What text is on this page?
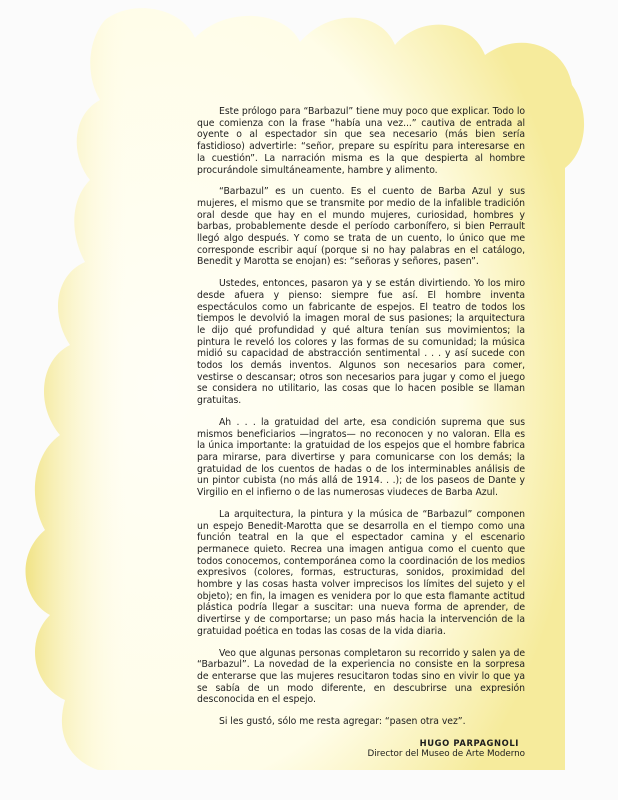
Este prólogo para “Barbazul” tiene muy poco que explicar. Todo lo que comienza con la frase “había una vez...” cautiva de entrada al oyente o al espectador sin que sea necesario (más bien sería fastidioso) advertirle: “señor, prepare su espíritu para interesarse en la cuestión”. La narración misma es la que despierta al hombre procurándole simultáneamente, hambre y alimento.

“Barbazul” es un cuento. Es el cuento de Barba Azul y sus mujeres, el mismo que se transmite por medio de la infalible tradición oral desde que hay en el mundo mujeres, curiosidad, hombres y barbas, probablemente desde el período carbonífero, si bien Perrault llegó algo después. Y como se trata de un cuento, lo único que me corresponde escribir aquí (porque si no hay palabras en el catálogo, Benedit y Marotta se enojan) es: “señoras y señores, pasen”.

Ustedes, entonces, pasaron ya y se están divirtiendo. Yo los miro desde afuera y pienso: siempre fue así. El hombre inventa espectáculos como un fabricante de espejos. El teatro de todos los tiempos le devolvió la imagen moral de sus pasiones; la arquitectura le dijo qué profundidad y qué altura tenían sus movimientos; la pintura le reveló los colores y las formas de su comunidad; la música midió su capacidad de abstracción sentimental . . . y así sucede con todos los demás inventos. Algunos son necesarios para comer, vestirse o descansar; otros son necesarios para jugar y como el juego se considera no utilitario, las cosas que lo hacen posible se llaman gratuitas.

Ah . . . la gratuidad del arte, esa condición suprema que sus mismos beneficiarios —ingratos— no reconocen y no valoran. Ella es la única importante: la gratuidad de los espejos que el hombre fabrica para mirarse, para divertirse y para comunicarse con los demás; la gratuidad de los cuentos de hadas o de los interminables análisis de un pintor cubista (no más allá de 1914. . .); de los paseos de Dante y Virgilio en el infierno o de las numerosas viudeces de Barba Azul.

La arquitectura, la pintura y la música de “Barbazul” componen un espejo Benedit-Marotta que se desarrolla en el tiempo como una función teatral en la que el espectador camina y el escenario permanece quieto. Recrea una imagen antigua como el cuento que todos conocemos, contemporánea como la coordinación de los medios expresivos (colores, formas, estructuras, sonidos, proximidad del hombre y las cosas hasta volver imprecisos los límites del sujeto y el objeto); en fin, la imagen es venidera por lo que esta flamante actitud plástica podría llegar a suscitar: una nueva forma de aprender, de divertirse y de comportarse; un paso más hacia la intervención de la gratuidad poética en todas las cosas de la vida diaria.

Veo que algunas personas completaron su recorrido y salen ya de “Barbazul”. La novedad de la experiencia no consiste en la sorpresa de enterarse que las mujeres resucitaron todas sino en vivir lo que ya se sabía de un modo diferente, en descubrirse una expresión desconocida en el espejo.

Si les gustó, sólo me resta agregar: “pasen otra vez”.

HUGO PARPAGNOLI
Director del Museo de Arte Moderno
